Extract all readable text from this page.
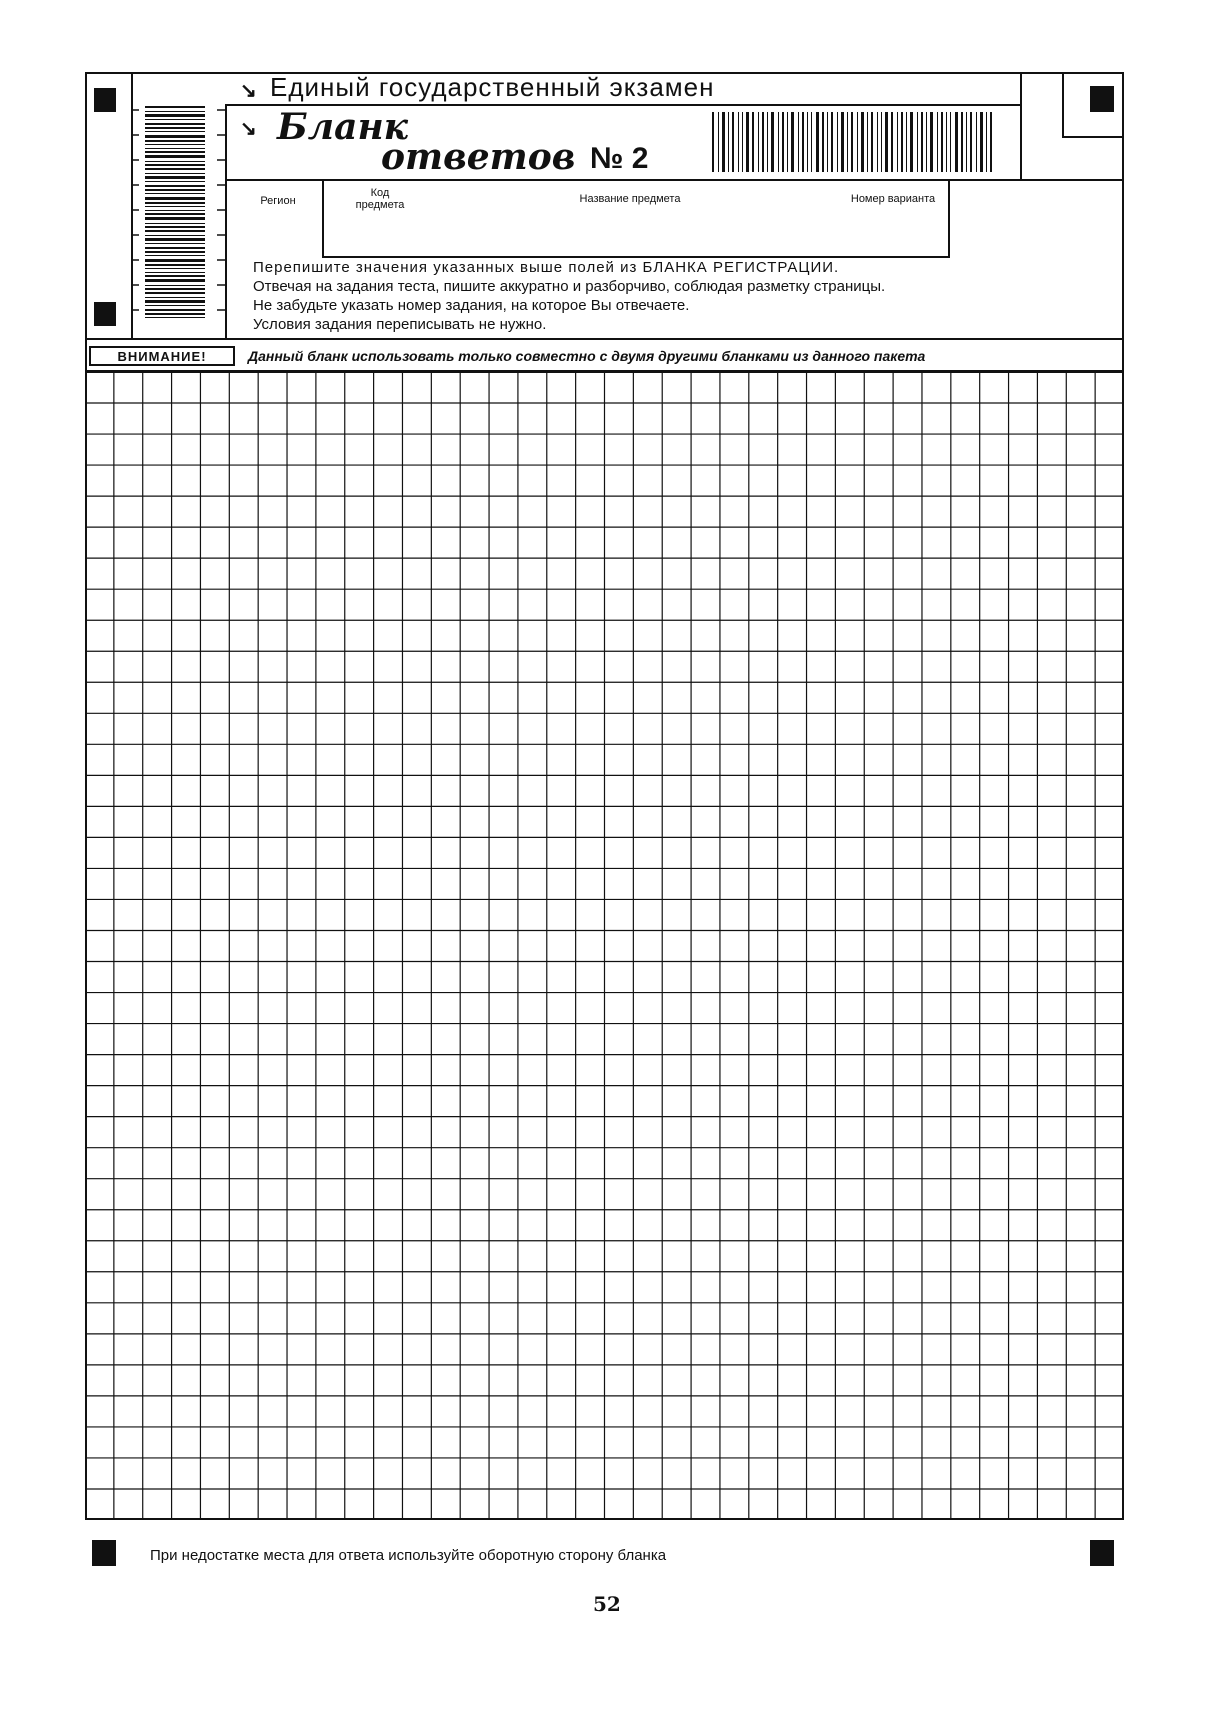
↘ Единый государственный экзамен
↘ Бланк
ответов № 2
Регион
Код предмета	Название предмета	Номер варианта
Перепишите значения указанных выше полей из БЛАНКА РЕГИСТРАЦИИ.
Отвечая на задания теста, пишите аккуратно и разборчиво, соблюдая разметку страницы.
Не забудьте указать номер задания, на которое Вы отвечаете.
Условия задания переписывать не нужно.
ВНИМАНИЕ!	Данный бланк использовать только совместно с двумя другими бланками из данного пакета
При недостатке места для ответа используйте оборотную сторону бланка
52
